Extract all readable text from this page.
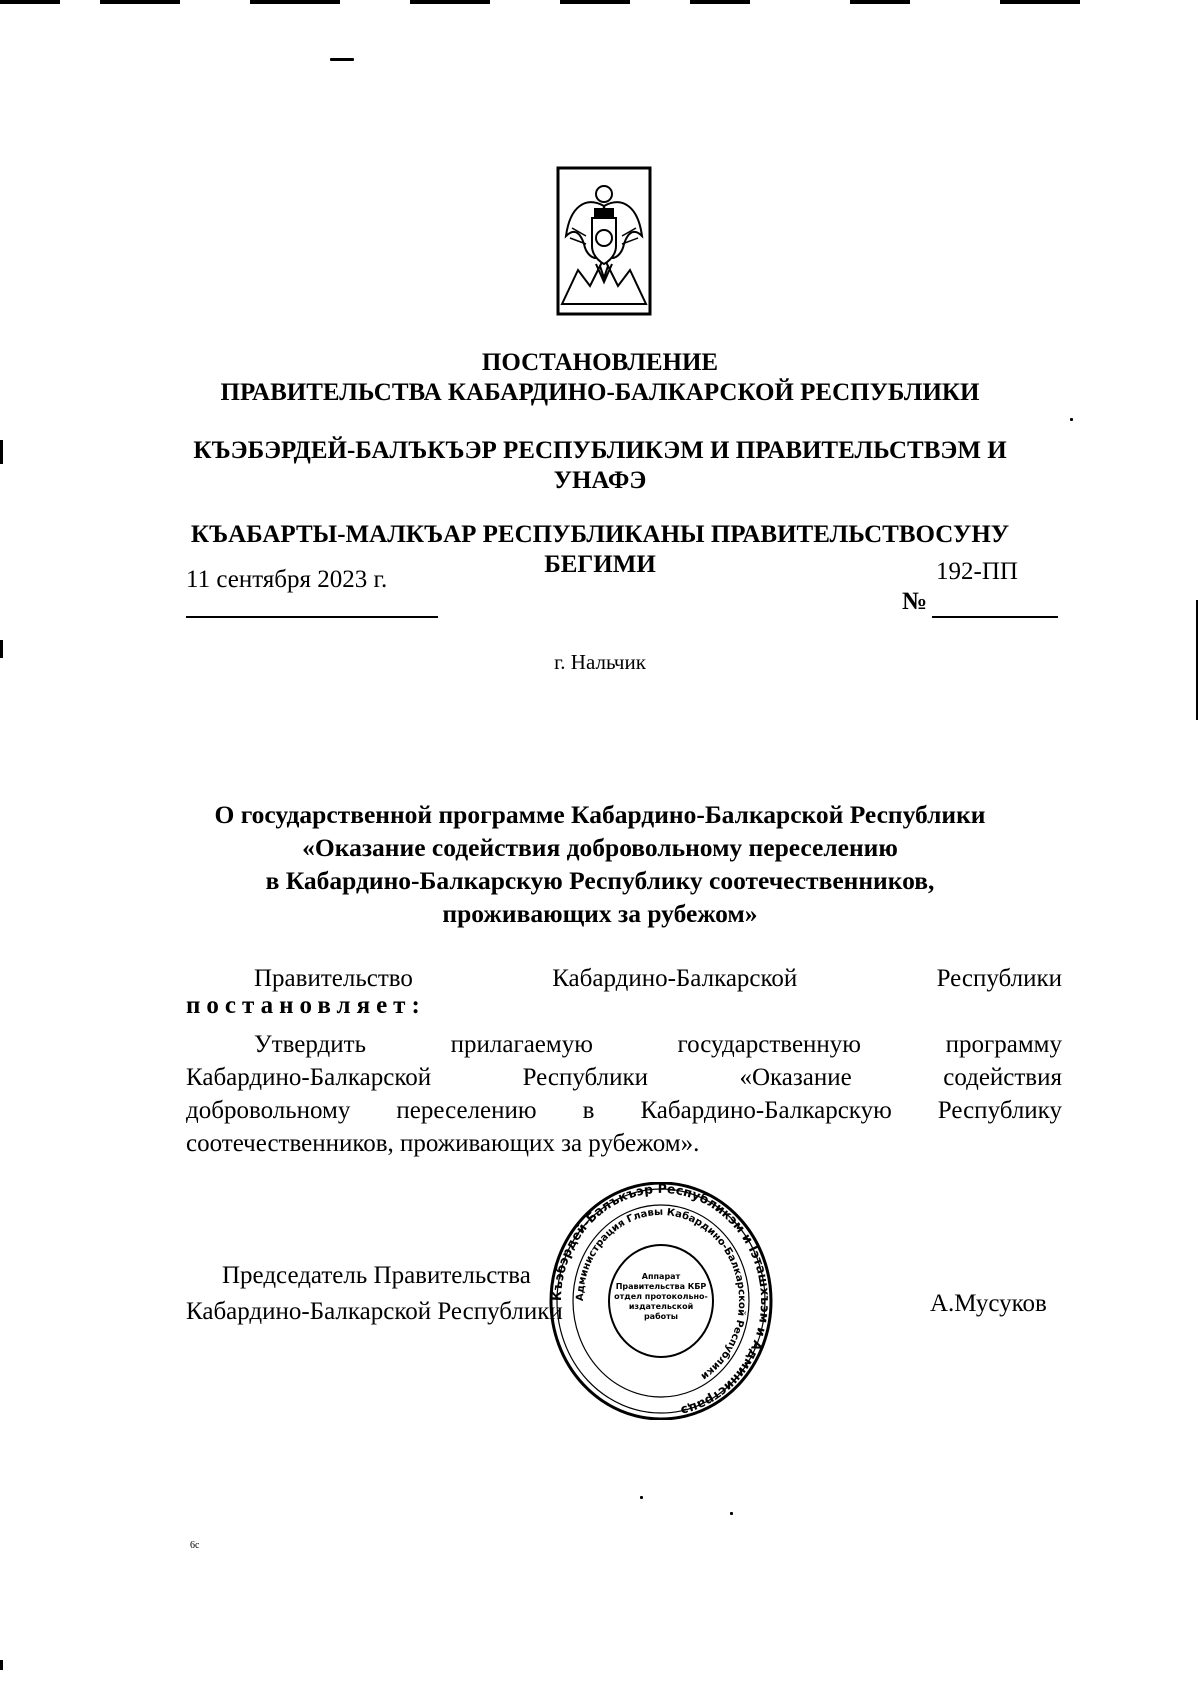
ПОСТАНОВЛЕНИЕ
ПРАВИТЕЛЬСТВА КАБАРДИНО-БАЛКАРСКОЙ РЕСПУБЛИКИ
КЪЭБЭРДЕЙ-БАЛЪКЪЭР РЕСПУБЛИКЭМ И ПРАВИТЕЛЬСТВЭМ И
УНАФЭ
КЪАБАРТЫ-МАЛКЪАР РЕСПУБЛИКАНЫ ПРАВИТЕЛЬСТВОСУНУ
БЕГИМИ
11 сентября 2023 г.	192-ПП
№
г. Нальчик
О государственной программе Кабардино-Балкарской Республики
«Оказание содействия добровольному переселению
в Кабардино-Балкарскую Республику соотечественников,
проживающих за рубежом»
Правительство	Кабардино-Балкарской	Республики
постановляет:
Утвердить	прилагаемую	государственную	программу
Кабардино-Балкарской	Республики	«Оказание	содействия
добровольному переселению в Кабардино-Балкарскую Республику
соотечественников, проживающих за рубежом».
Къэбэрдей-Балъкъэр Республикэм и Іэташхъэм и Администрацэ
Администрация Главы Кабардино-Балкарской Республики
Аппарат Правительства КБР отдел протокольно-издательской работы
Председатель Правительства
Кабардино-Балкарской Республики	А.Мусуков
6c
